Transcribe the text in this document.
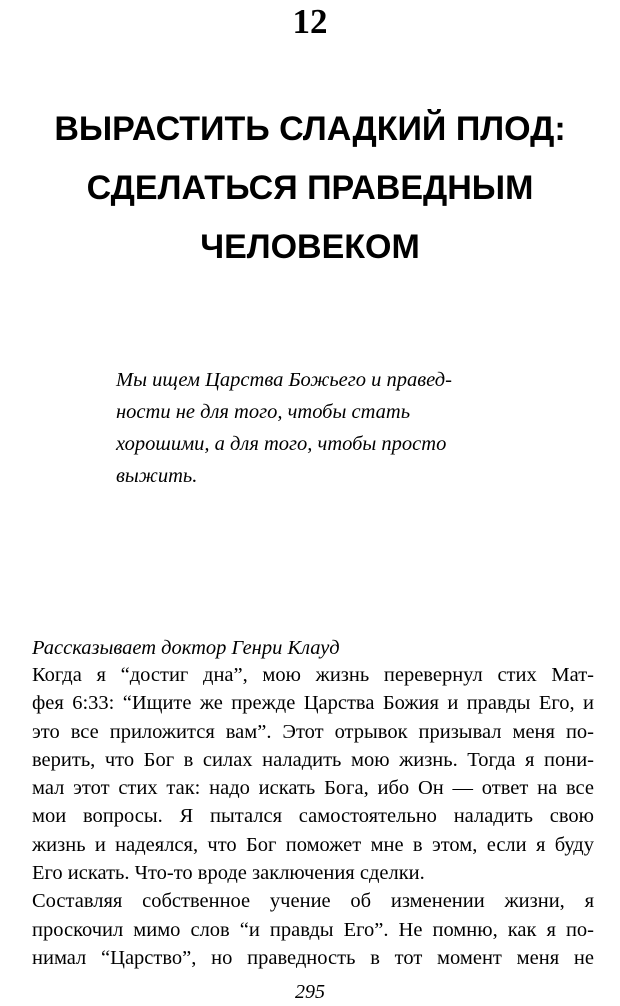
12
ВЫРАСТИТЬ СЛАДКИЙ ПЛОД:
СДЕЛАТЬСЯ ПРАВЕДНЫМ
ЧЕЛОВЕКОМ
Мы ищем Царства Божьего и правед-
ности не для того, чтобы стать
хорошими, а для того, чтобы просто
выжить.
Рассказывает доктор Генри Клауд
Когда я “достиг дна”, мою жизнь перевернул стих Мат-
фея 6:33: “Ищите же прежде Царства Божия и правды Его, и
это все приложится вам”. Этот отрывок призывал меня по-
верить, что Бог в силах наладить мою жизнь. Тогда я пони-
мал этот стих так: надо искать Бога, ибо Он — ответ на все
мои вопросы. Я пытался самостоятельно наладить свою
жизнь и надеялся, что Бог поможет мне в этом, если я буду
Его искать. Что-то вроде заключения сделки.
Составляя собственное учение об изменении жизни, я
проскочил мимо слов “и правды Его”. Не помню, как я по-
нимал “Царство”, но праведность в тот момент меня не
295
